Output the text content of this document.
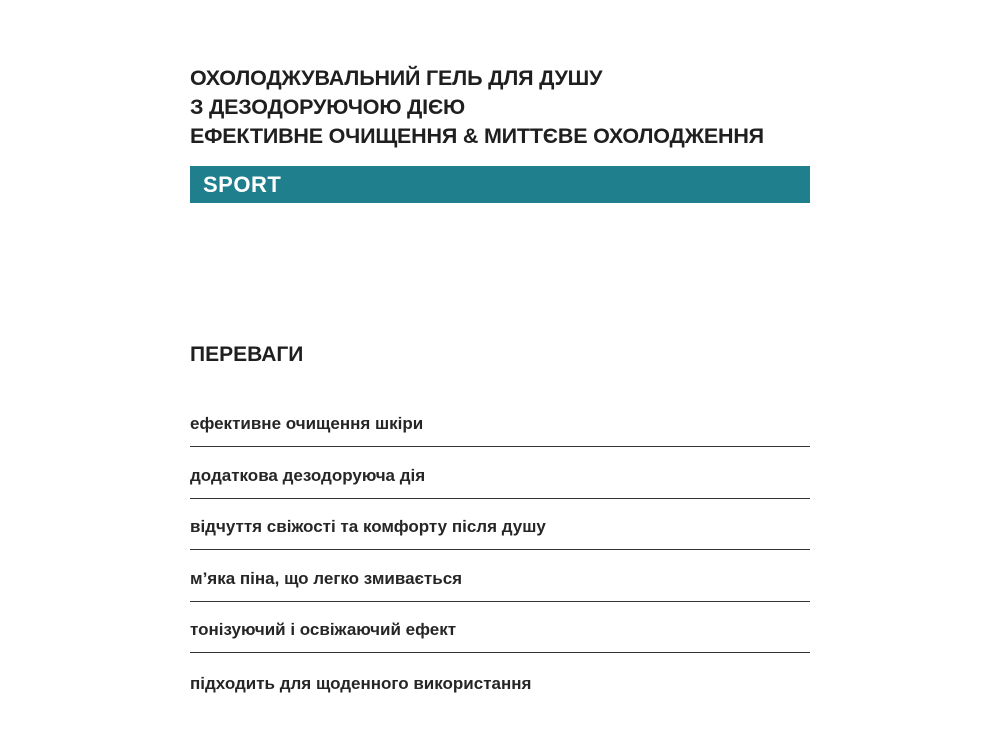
ОХОЛОДЖУВАЛЬНИЙ ГЕЛЬ ДЛЯ ДУШУ
З ДЕЗОДОРУЮЧОЮ ДІЄЮ
ЕФЕКТИВНЕ ОЧИЩЕННЯ & МИТТЄВЕ ОХОЛОДЖЕННЯ
SPORT
ПЕРЕВАГИ
ефективне очищення шкіри
додаткова дезодоруюча дія
відчуття свіжості та комфорту після душу
м’яка піна, що легко змивається
тонізуючий і освіжаючий ефект
підходить для щоденного використання
